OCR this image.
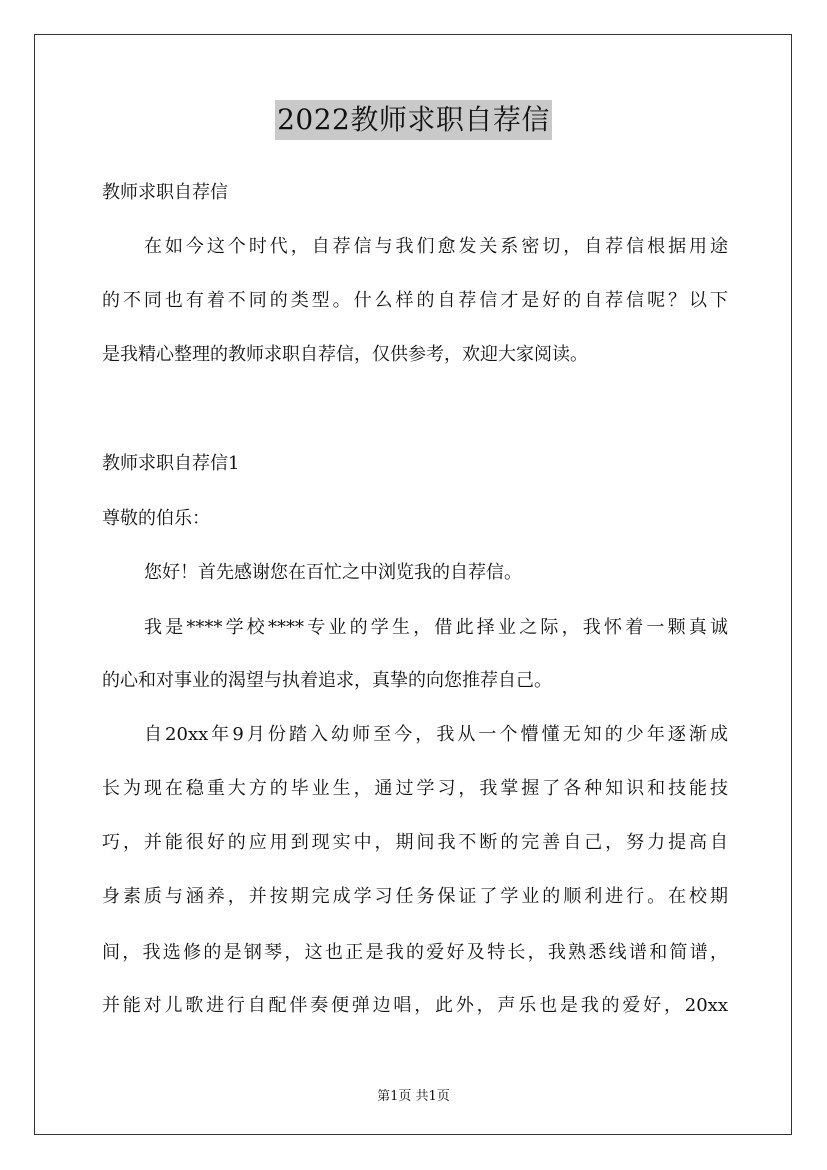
2022教师求职自荐信
教师求职自荐信
在如今这个时代，自荐信与我们愈发关系密切，自荐信根据用途
的不同也有着不同的类型。什么样的自荐信才是好的自荐信呢？以下
是我精心整理的教师求职自荐信，仅供参考，欢迎大家阅读。
教师求职自荐信1
尊敬的伯乐：
您好！首先感谢您在百忙之中浏览我的自荐信。
我是****学校****专业的学生，借此择业之际，我怀着一颗真诚
的心和对事业的渴望与执着追求，真挚的向您推荐自己。
自20xx年9月份踏入幼师至今，我从一个懵懂无知的少年逐渐成
长为现在稳重大方的毕业生，通过学习，我掌握了各种知识和技能技
巧，并能很好的应用到现实中，期间我不断的完善自己，努力提高自
身素质与涵养，并按期完成学习任务保证了学业的顺利进行。在校期
间，我选修的是钢琴，这也正是我的爱好及特长，我熟悉线谱和简谱，
并能对儿歌进行自配伴奏便弹边唱，此外，声乐也是我的爱好，20xx
第1页 共1页
